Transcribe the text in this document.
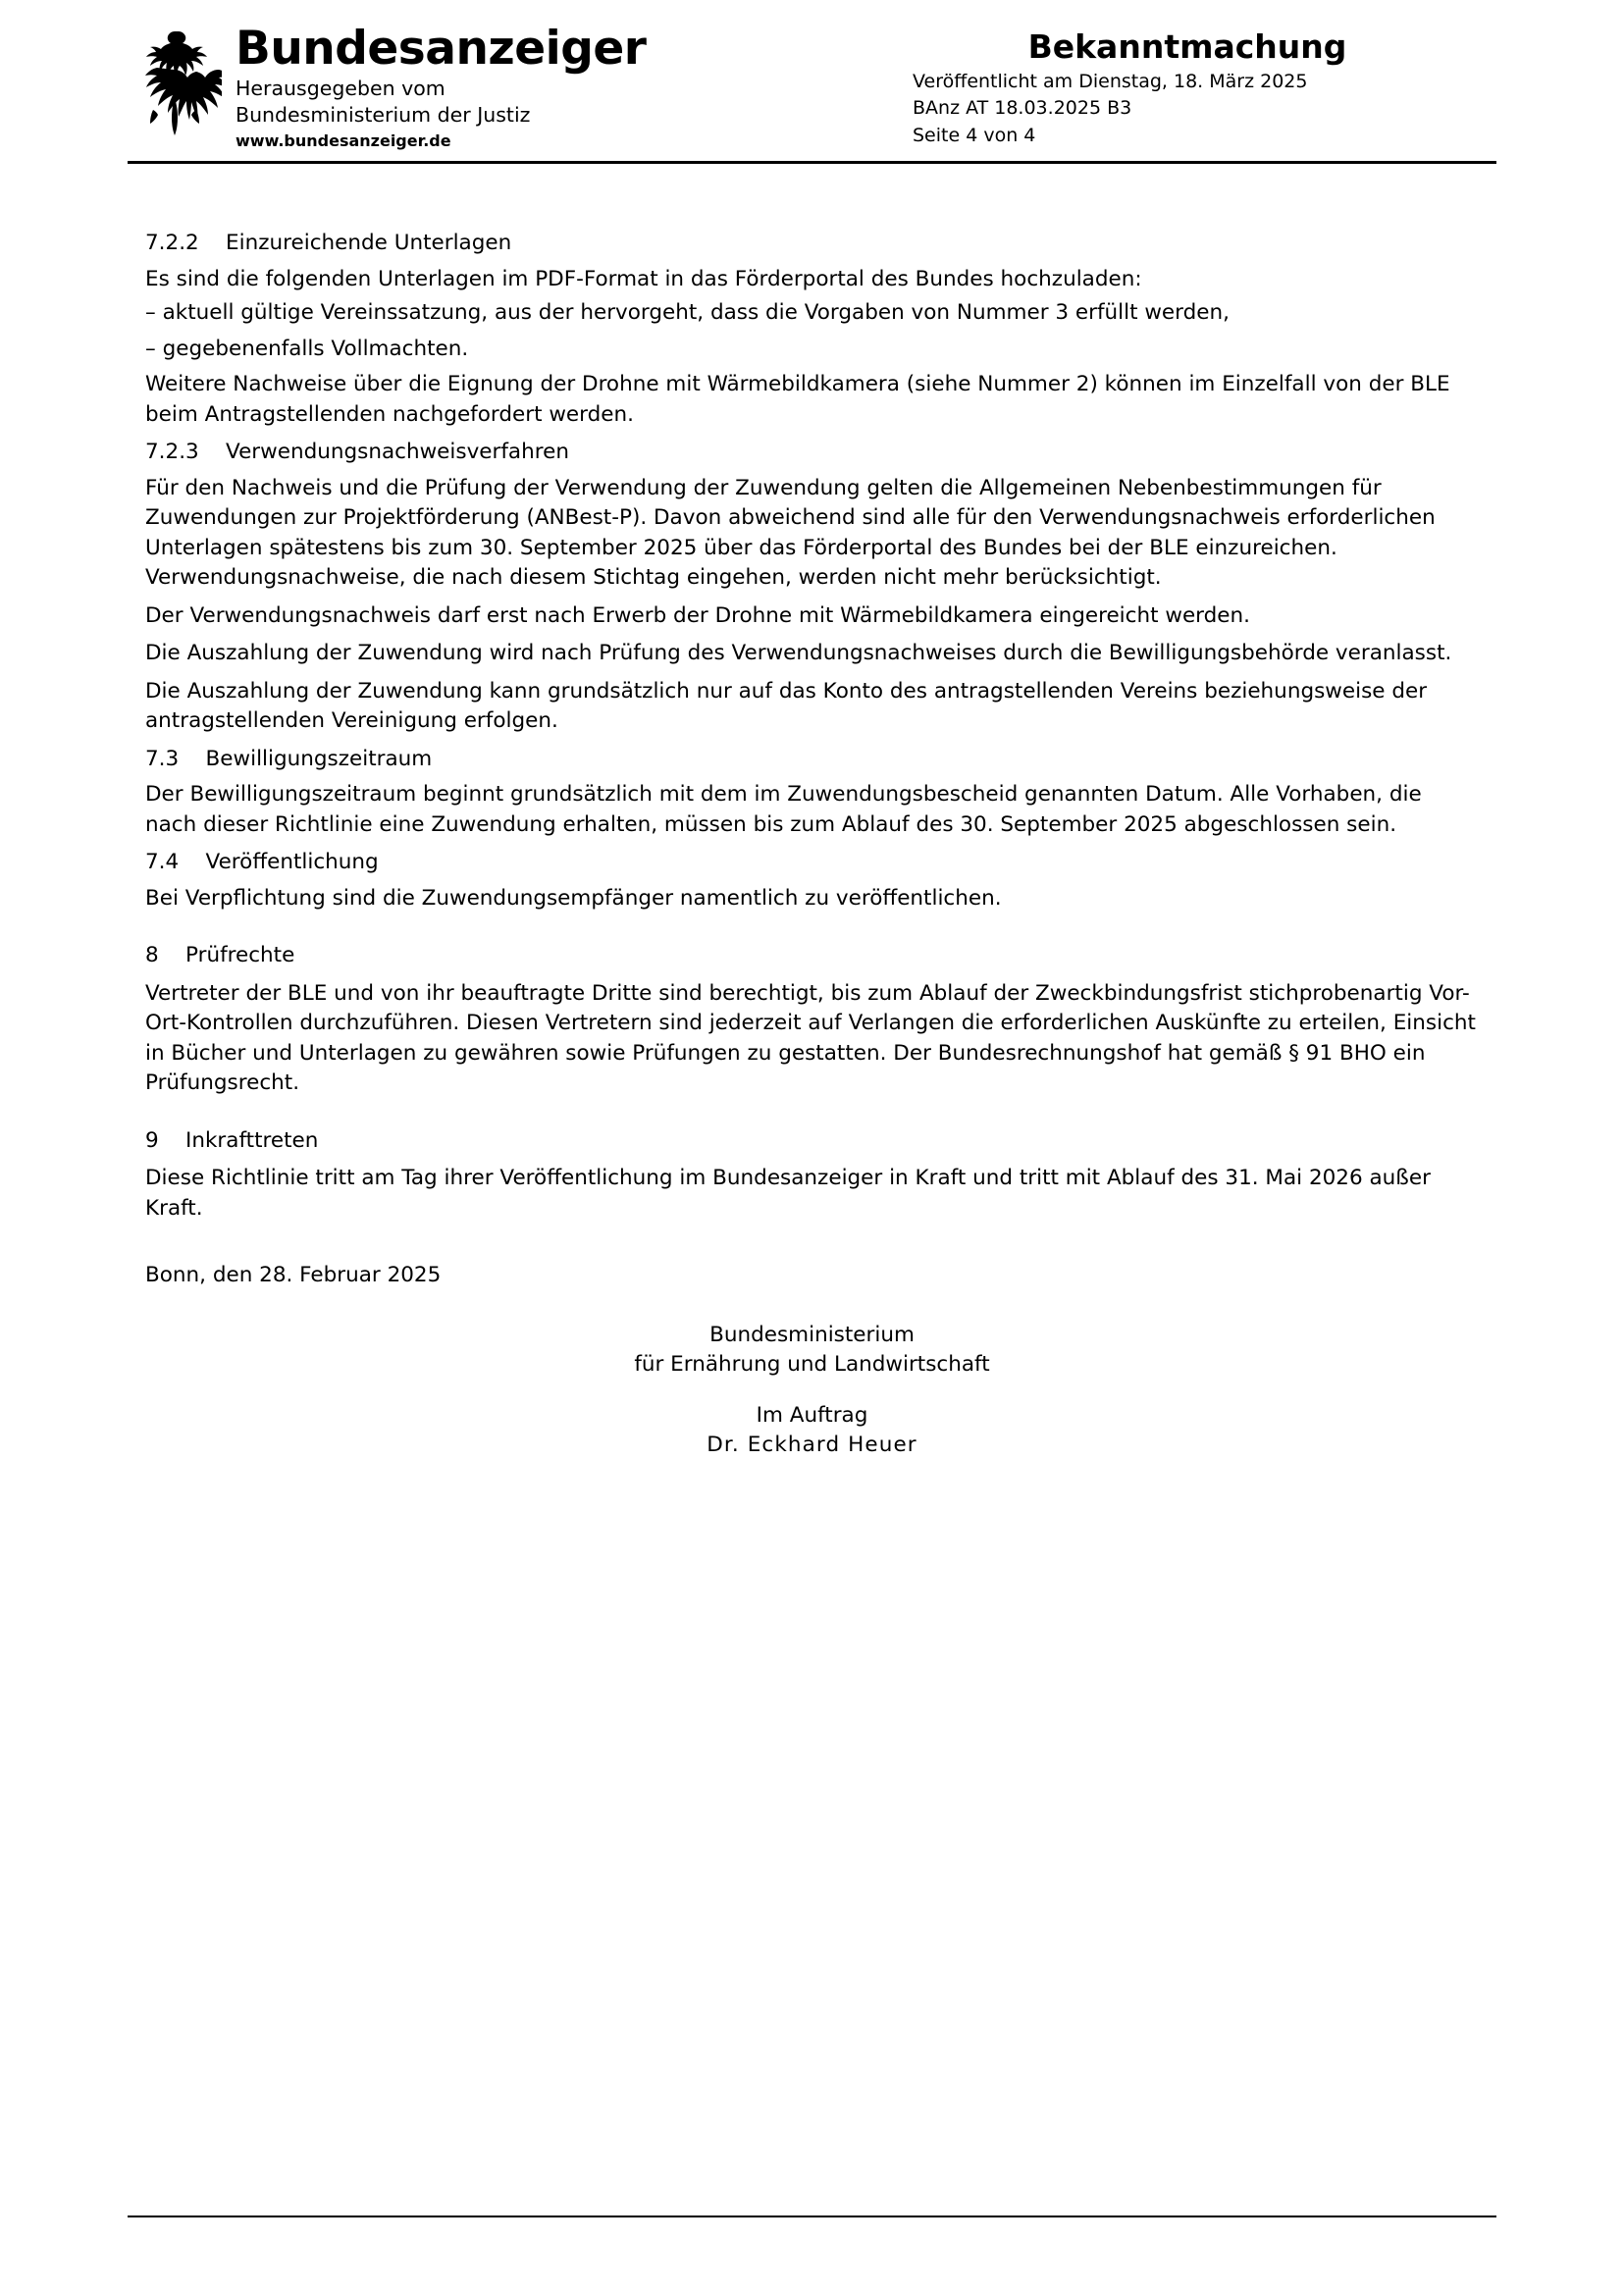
Bundesanzeiger
Herausgegeben vom
Bundesministerium der Justiz
www.bundesanzeiger.de
Bekanntmachung
Veröffentlicht am Dienstag, 18. März 2025
BAnz AT 18.03.2025 B3
Seite 4 von 4
7.2.2    Einzureichende Unterlagen

Es sind die folgenden Unterlagen im PDF-Format in das Förderportal des Bundes hochzuladen:

– aktuell gültige Vereinssatzung, aus der hervorgeht, dass die Vorgaben von Nummer 3 erfüllt werden,

– gegebenenfalls Vollmachten.

Weitere Nachweise über die Eignung der Drohne mit Wärmebildkamera (siehe Nummer 2) können im Einzelfall von der BLE beim Antragstellenden nachgefordert werden.

7.2.3    Verwendungsnachweisverfahren

Für den Nachweis und die Prüfung der Verwendung der Zuwendung gelten die Allgemeinen Nebenbestimmungen für Zuwendungen zur Projektförderung (ANBest-P). Davon abweichend sind alle für den Verwendungsnachweis erforderlichen Unterlagen spätestens bis zum 30. September 2025 über das Förderportal des Bundes bei der BLE einzureichen. Verwendungsnachweise, die nach diesem Stichtag eingehen, werden nicht mehr berücksichtigt.

Der Verwendungsnachweis darf erst nach Erwerb der Drohne mit Wärmebildkamera eingereicht werden.

Die Auszahlung der Zuwendung wird nach Prüfung des Verwendungsnachweises durch die Bewilligungsbehörde veranlasst.

Die Auszahlung der Zuwendung kann grundsätzlich nur auf das Konto des antragstellenden Vereins beziehungsweise der antragstellenden Vereinigung erfolgen.

7.3    Bewilligungszeitraum

Der Bewilligungszeitraum beginnt grundsätzlich mit dem im Zuwendungsbescheid genannten Datum. Alle Vorhaben, die nach dieser Richtlinie eine Zuwendung erhalten, müssen bis zum Ablauf des 30. September 2025 abgeschlossen sein.

7.4    Veröffentlichung

Bei Verpflichtung sind die Zuwendungsempfänger namentlich zu veröffentlichen.

8    Prüfrechte

Vertreter der BLE und von ihr beauftragte Dritte sind berechtigt, bis zum Ablauf der Zweckbindungsfrist stichprobenartig Vor-Ort-Kontrollen durchzuführen. Diesen Vertretern sind jederzeit auf Verlangen die erforderlichen Auskünfte zu erteilen, Einsicht in Bücher und Unterlagen zu gewähren sowie Prüfungen zu gestatten. Der Bundesrechnungshof hat gemäß § 91 BHO ein Prüfungsrecht.

9    Inkrafttreten

Diese Richtlinie tritt am Tag ihrer Veröffentlichung im Bundesanzeiger in Kraft und tritt mit Ablauf des 31. Mai 2026 außer Kraft.

Bonn, den 28. Februar 2025

Bundesministerium
für Ernährung und Landwirtschaft
Im Auftrag
Dr. Eckhard Heuer
